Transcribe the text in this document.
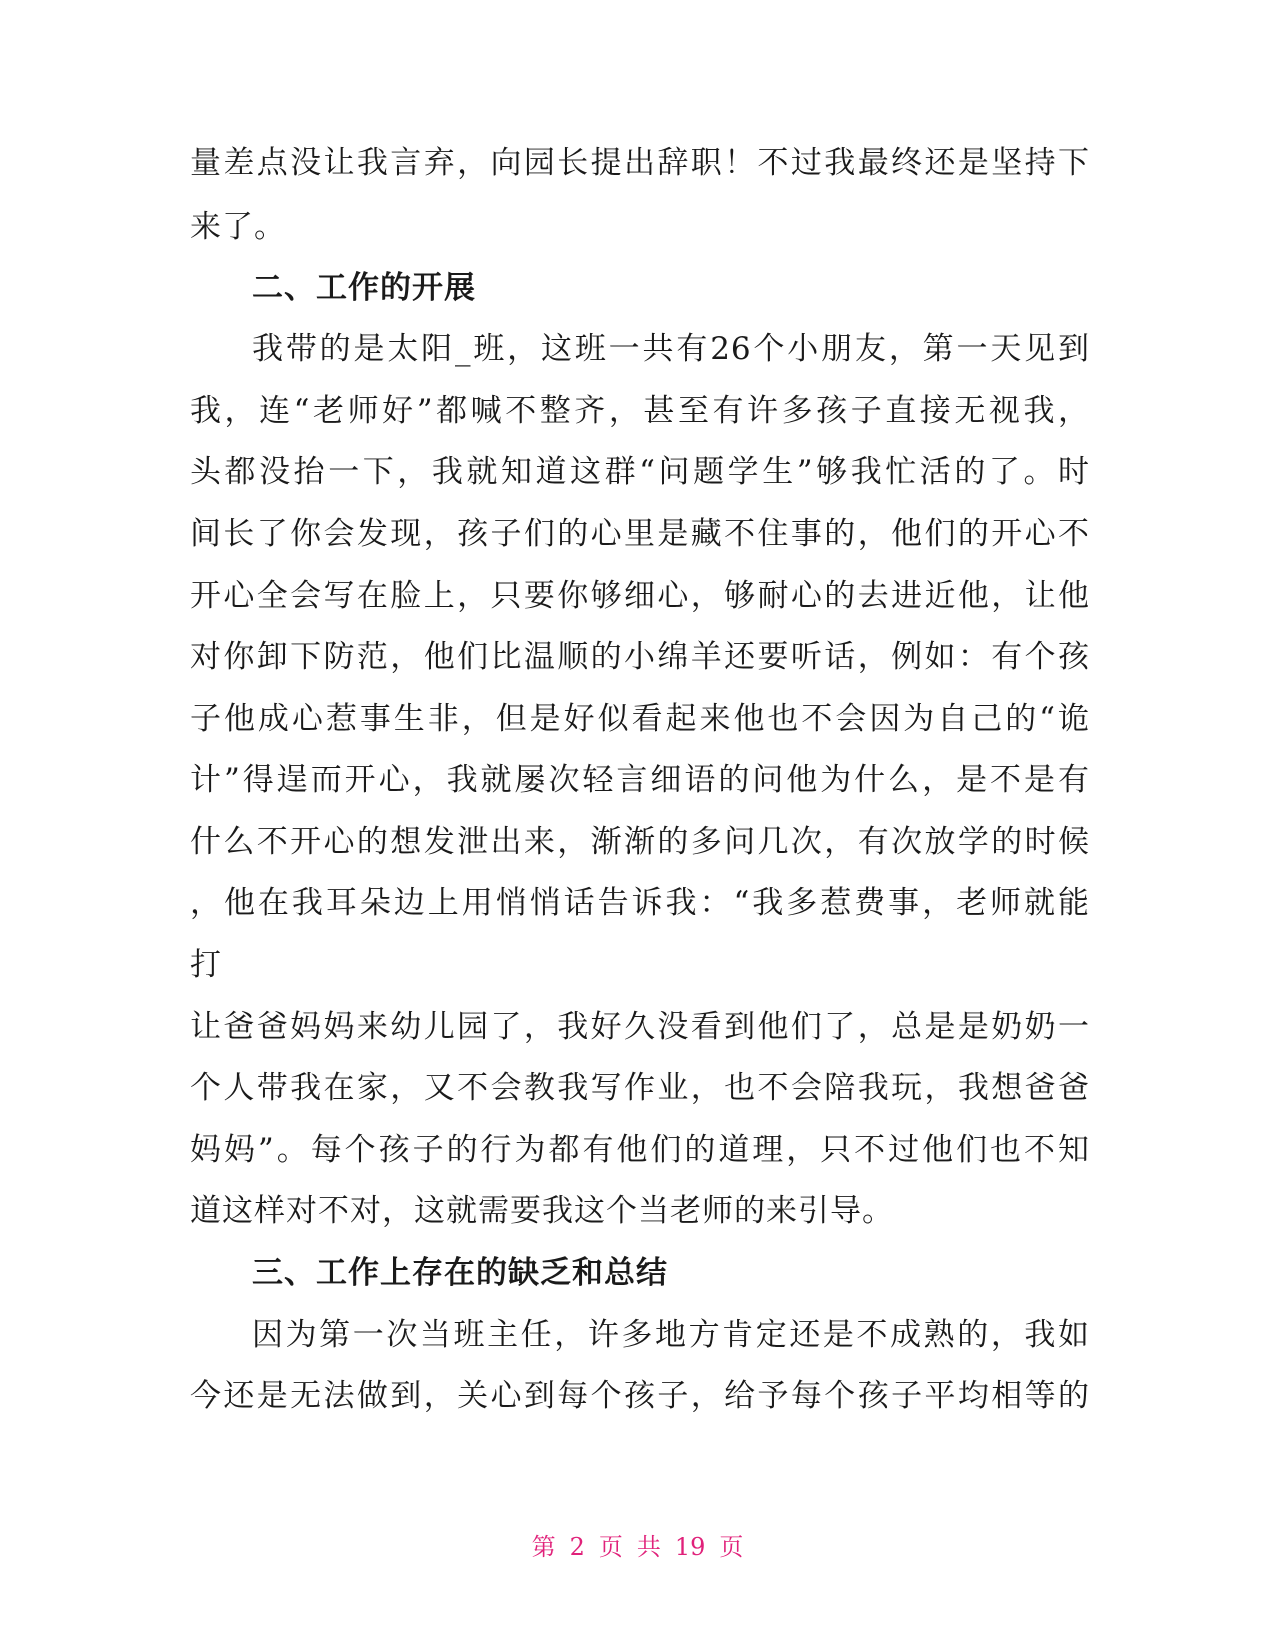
量差点没让我言弃，向园长提出辞职！不过我最终还是坚持下
来了。
二、工作的开展
我带的是太阳_班，这班一共有26个小朋友，第一天见到
我，连“老师好”都喊不整齐，甚至有许多孩子直接无视我，
头都没抬一下，我就知道这群“问题学生”够我忙活的了。时
间长了你会发现，孩子们的心里是藏不住事的，他们的开心不
开心全会写在脸上，只要你够细心，够耐心的去进近他，让他
对你卸下防范，他们比温顺的小绵羊还要听话，例如：有个孩
子他成心惹事生非，但是好似看起来他也不会因为自己的“诡
计”得逞而开心，我就屡次轻言细语的问他为什么，是不是有
什么不开心的想发泄出来，渐渐的多问几次，有次放学的时候
，他在我耳朵边上用悄悄话告诉我：“我多惹费事，老师就能
打
让爸爸妈妈来幼儿园了，我好久没看到他们了，总是是奶奶一
个人带我在家，又不会教我写作业，也不会陪我玩，我想爸爸
妈妈”。每个孩子的行为都有他们的道理，只不过他们也不知
道这样对不对，这就需要我这个当老师的来引导。
三、工作上存在的缺乏和总结
因为第一次当班主任，许多地方肯定还是不成熟的，我如
今还是无法做到，关心到每个孩子，给予每个孩子平均相等的
第 2 页 共 19 页
